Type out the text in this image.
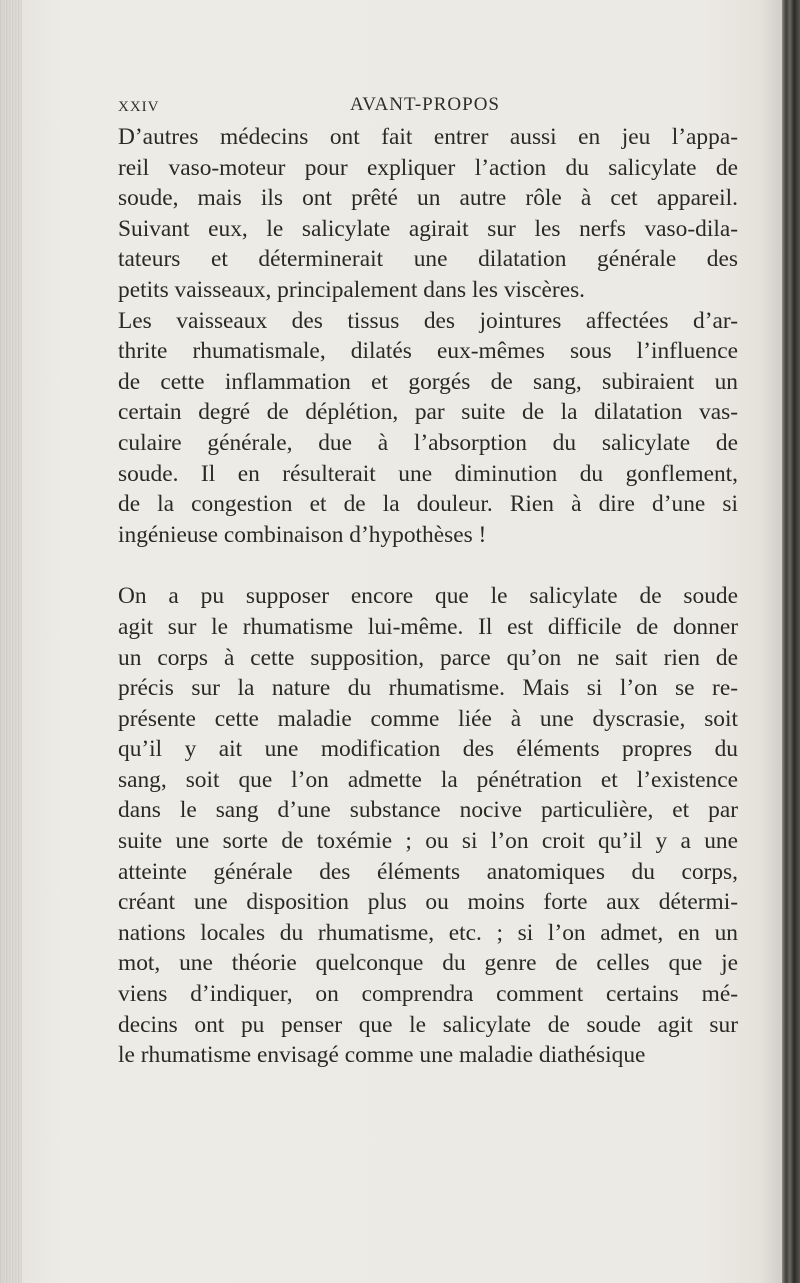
XXIV	AVANT-PROPOS

D’autres médecins ont fait entrer aussi en jeu l’appa-
reil vaso-moteur pour expliquer l’action du salicylate de
soude, mais ils ont prêté un autre rôle à cet appareil.
Suivant eux, le salicylate agirait sur les nerfs vaso-dila-
tateurs et déterminerait une dilatation générale des
petits vaisseaux, principalement dans les viscères.

Les vaisseaux des tissus des jointures affectées d’ar-
thrite rhumatismale, dilatés eux-mêmes sous l’influence
de cette inflammation et gorgés de sang, subiraient un
certain degré de déplétion, par suite de la dilatation vas-
culaire générale, due à l’absorption du salicylate de
soude. Il en résulterait une diminution du gonflement,
de la congestion et de la douleur. Rien à dire d’une si
ingénieuse combinaison d’hypothèses !

On a pu supposer encore que le salicylate de soude
agit sur le rhumatisme lui-même. Il est difficile de donner
un corps à cette supposition, parce qu’on ne sait rien de
précis sur la nature du rhumatisme. Mais si l’on se re-
présente cette maladie comme liée à une dyscrasie, soit
qu’il y ait une modification des éléments propres du
sang, soit que l’on admette la pénétration et l’existence
dans le sang d’une substance nocive particulière, et par
suite une sorte de toxémie ; ou si l’on croit qu’il y a une
atteinte générale des éléments anatomiques du corps,
créant une disposition plus ou moins forte aux détermi-
nations locales du rhumatisme, etc. ; si l’on admet, en un
mot, une théorie quelconque du genre de celles que je
viens d’indiquer, on comprendra comment certains mé-
decins ont pu penser que le salicylate de soude agit sur
le rhumatisme envisagé comme une maladie diathésique
